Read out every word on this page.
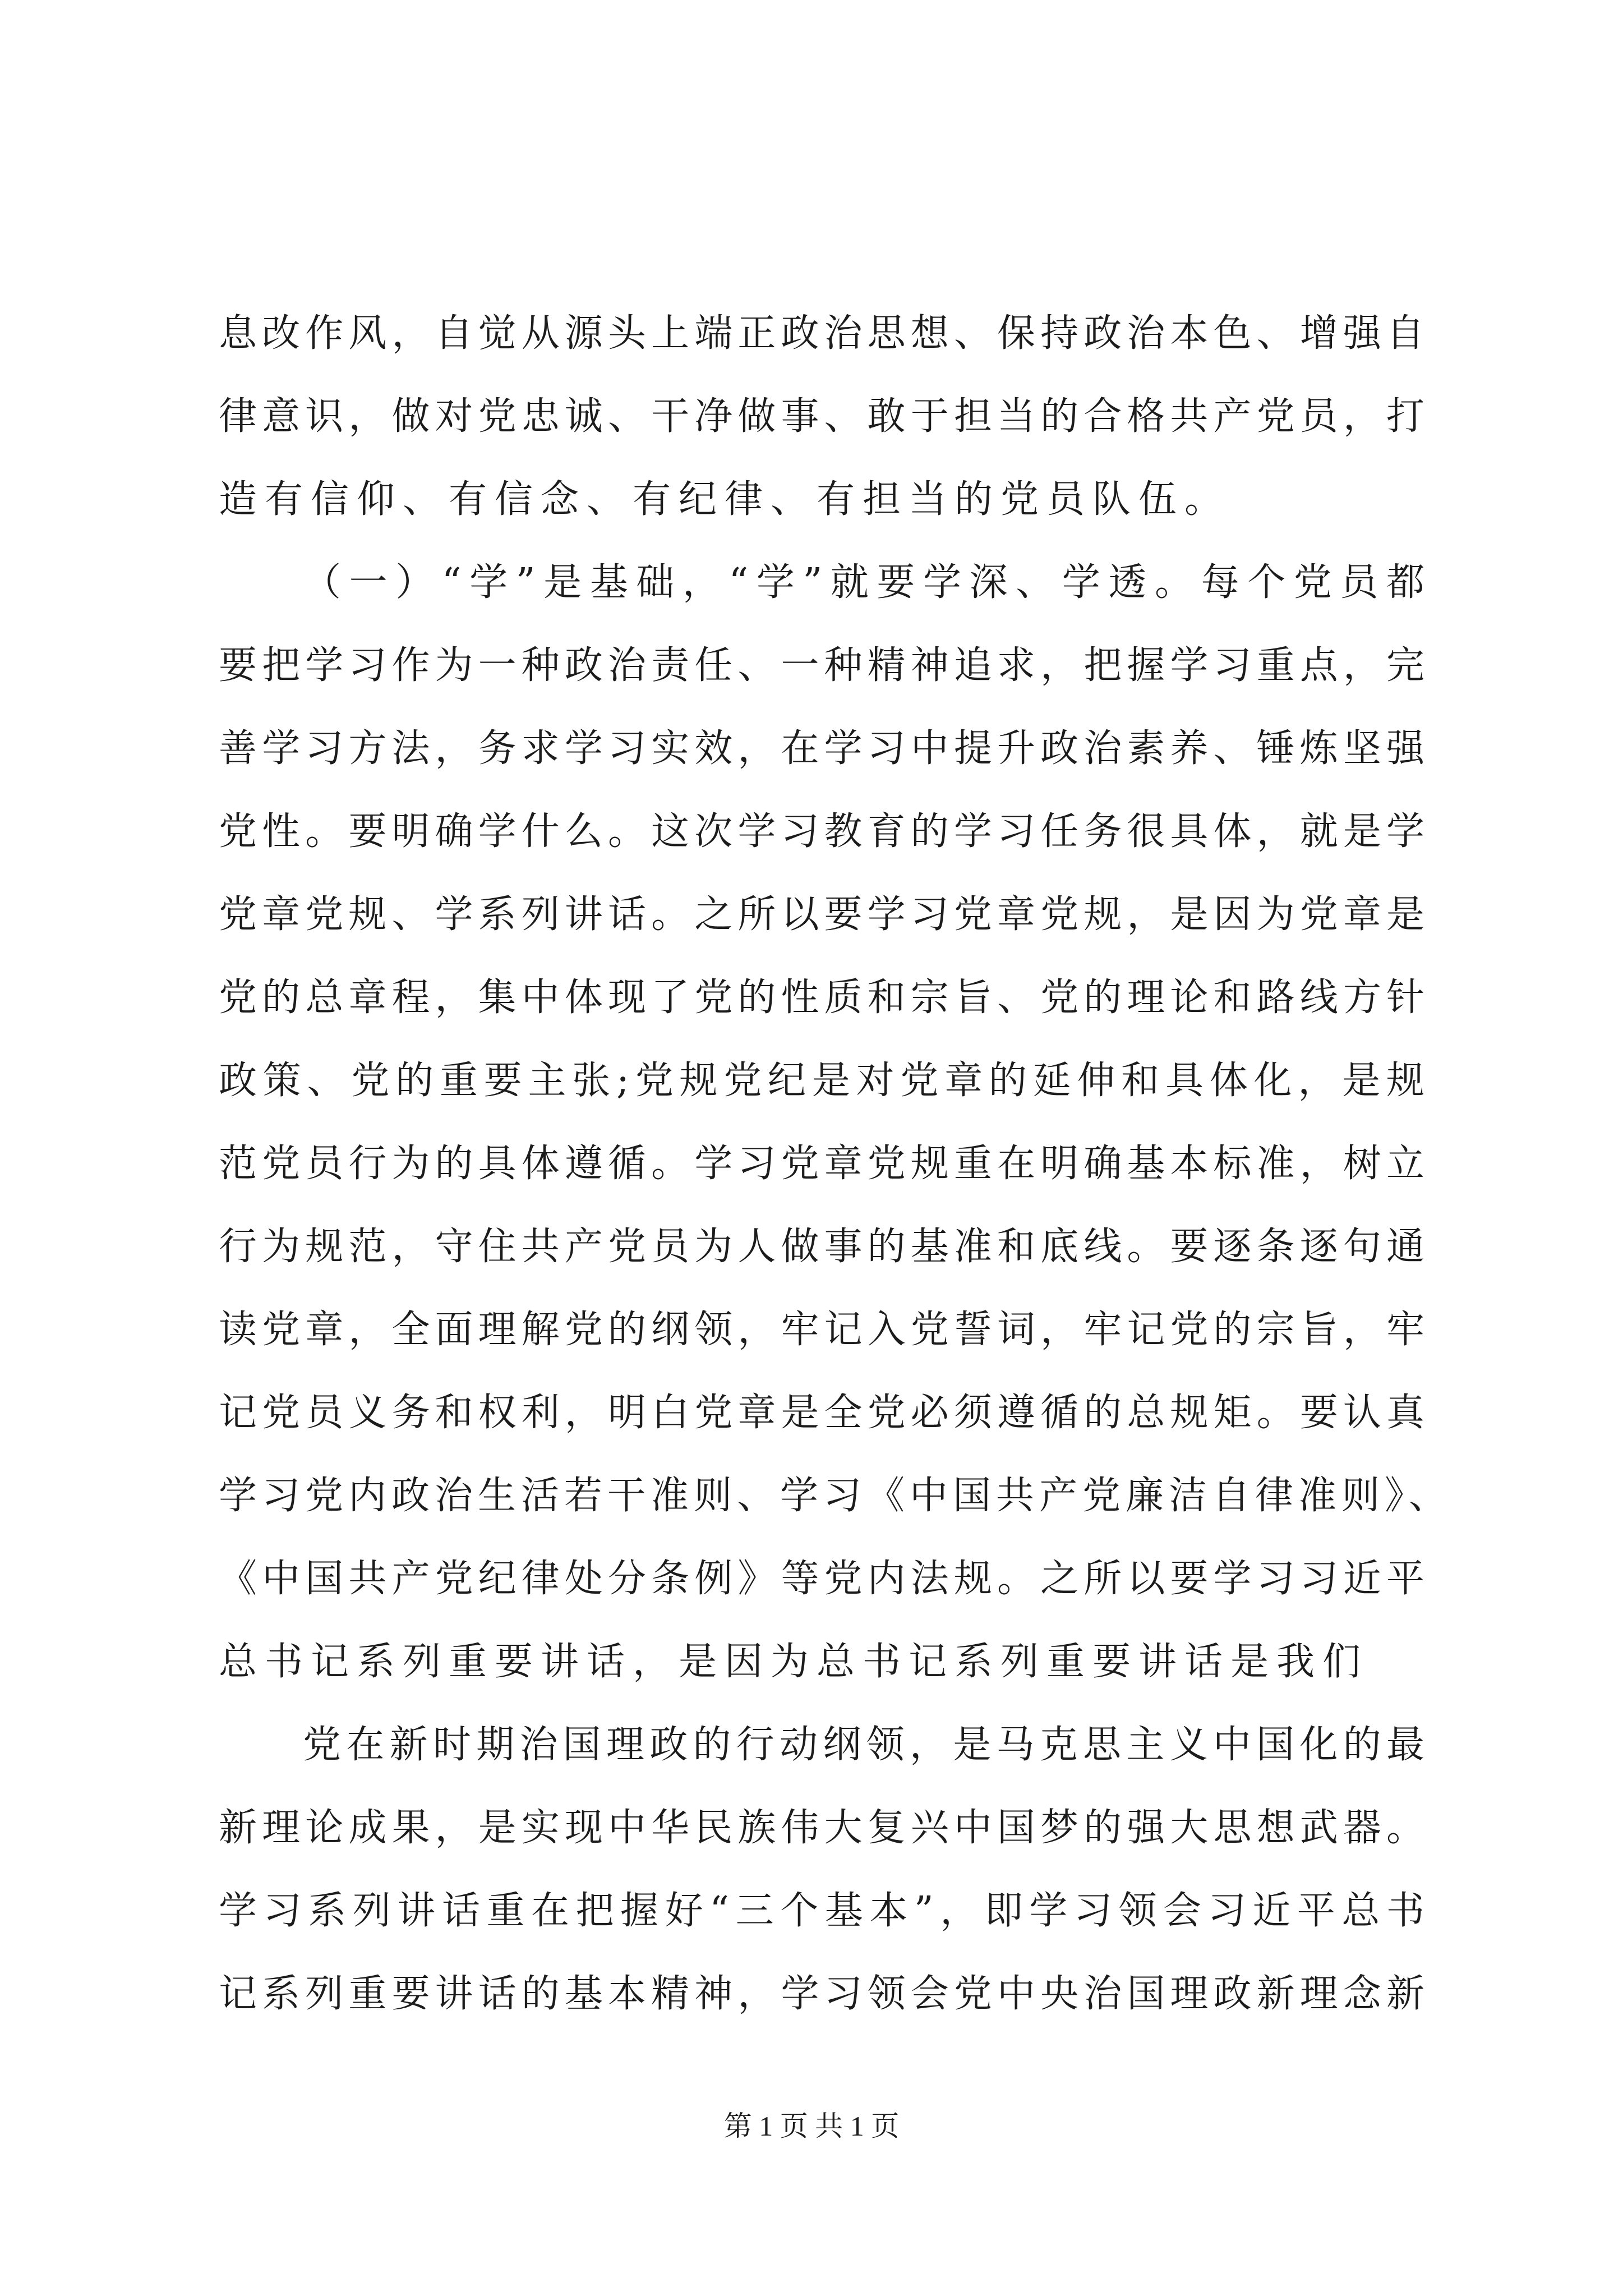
息改作风，自觉从源头上端正政治思想、保持政治本色、增强自
律意识，做对党忠诚、干净做事、敢于担当的合格共产党员，打
造有信仰、有信念、有纪律、有担当的党员队伍。
（一）“学”是基础，“学”就要学深、学透。每个党员都
要把学习作为一种政治责任、一种精神追求，把握学习重点，完
善学习方法，务求学习实效，在学习中提升政治素养、锤炼坚强
党性。要明确学什么。这次学习教育的学习任务很具体，就是学
党章党规、学系列讲话。之所以要学习党章党规，是因为党章是
党的总章程，集中体现了党的性质和宗旨、党的理论和路线方针
政策、党的重要主张;党规党纪是对党章的延伸和具体化，是规
范党员行为的具体遵循。学习党章党规重在明确基本标准，树立
行为规范，守住共产党员为人做事的基准和底线。要逐条逐句通
读党章，全面理解党的纲领，牢记入党誓词，牢记党的宗旨，牢
记党员义务和权利，明白党章是全党必须遵循的总规矩。要认真
学习党内政治生活若干准则、学习《中国共产党廉洁自律准则》、
《中国共产党纪律处分条例》等党内法规。之所以要学习习近平
总书记系列重要讲话，是因为总书记系列重要讲话是我们
党在新时期治国理政的行动纲领，是马克思主义中国化的最
新理论成果，是实现中华民族伟大复兴中国梦的强大思想武器。
学习系列讲话重在把握好“三个基本”，即学习领会习近平总书
记系列重要讲话的基本精神，学习领会党中央治国理政新理念新
第 1 页 共 1 页
